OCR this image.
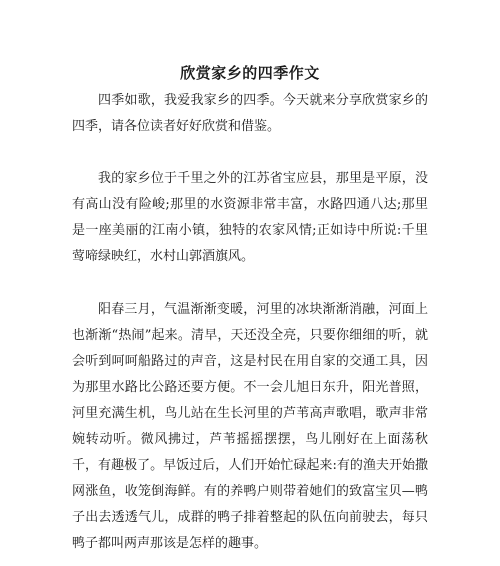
欣赏家乡的四季作文

四季如歌，我爱我家乡的四季。今天就来分享欣赏家乡的四季，请各位读者好好欣赏和借鉴。

我的家乡位于千里之外的江苏省宝应县，那里是平原，没有高山没有险峻;那里的水资源非常丰富，水路四通八达;那里是一座美丽的江南小镇，独特的农家风情;正如诗中所说:千里莺啼绿映红，水村山郭酒旗风。

阳春三月，气温渐渐变暖，河里的冰块渐渐消融，河面上也渐渐“热闹”起来。清早，天还没全亮，只要你细细的听，就会听到呵呵船路过的声音，这是村民在用自家的交通工具，因为那里水路比公路还要方便。不一会儿旭日东升，阳光普照，河里充满生机，鸟儿站在生长河里的芦苇高声歌唱，歌声非常婉转动听。微风拂过，芦苇摇摇摆摆，鸟儿刚好在上面荡秋千，有趣极了。早饭过后，人们开始忙碌起来:有的渔夫开始撒网涨鱼，收笼倒海鲜。有的养鸭户则带着她们的致富宝贝—鸭子出去透透气儿，成群的鸭子排着整起的队伍向前驶去，每只鸭子都叫两声那该是怎样的趣事。
